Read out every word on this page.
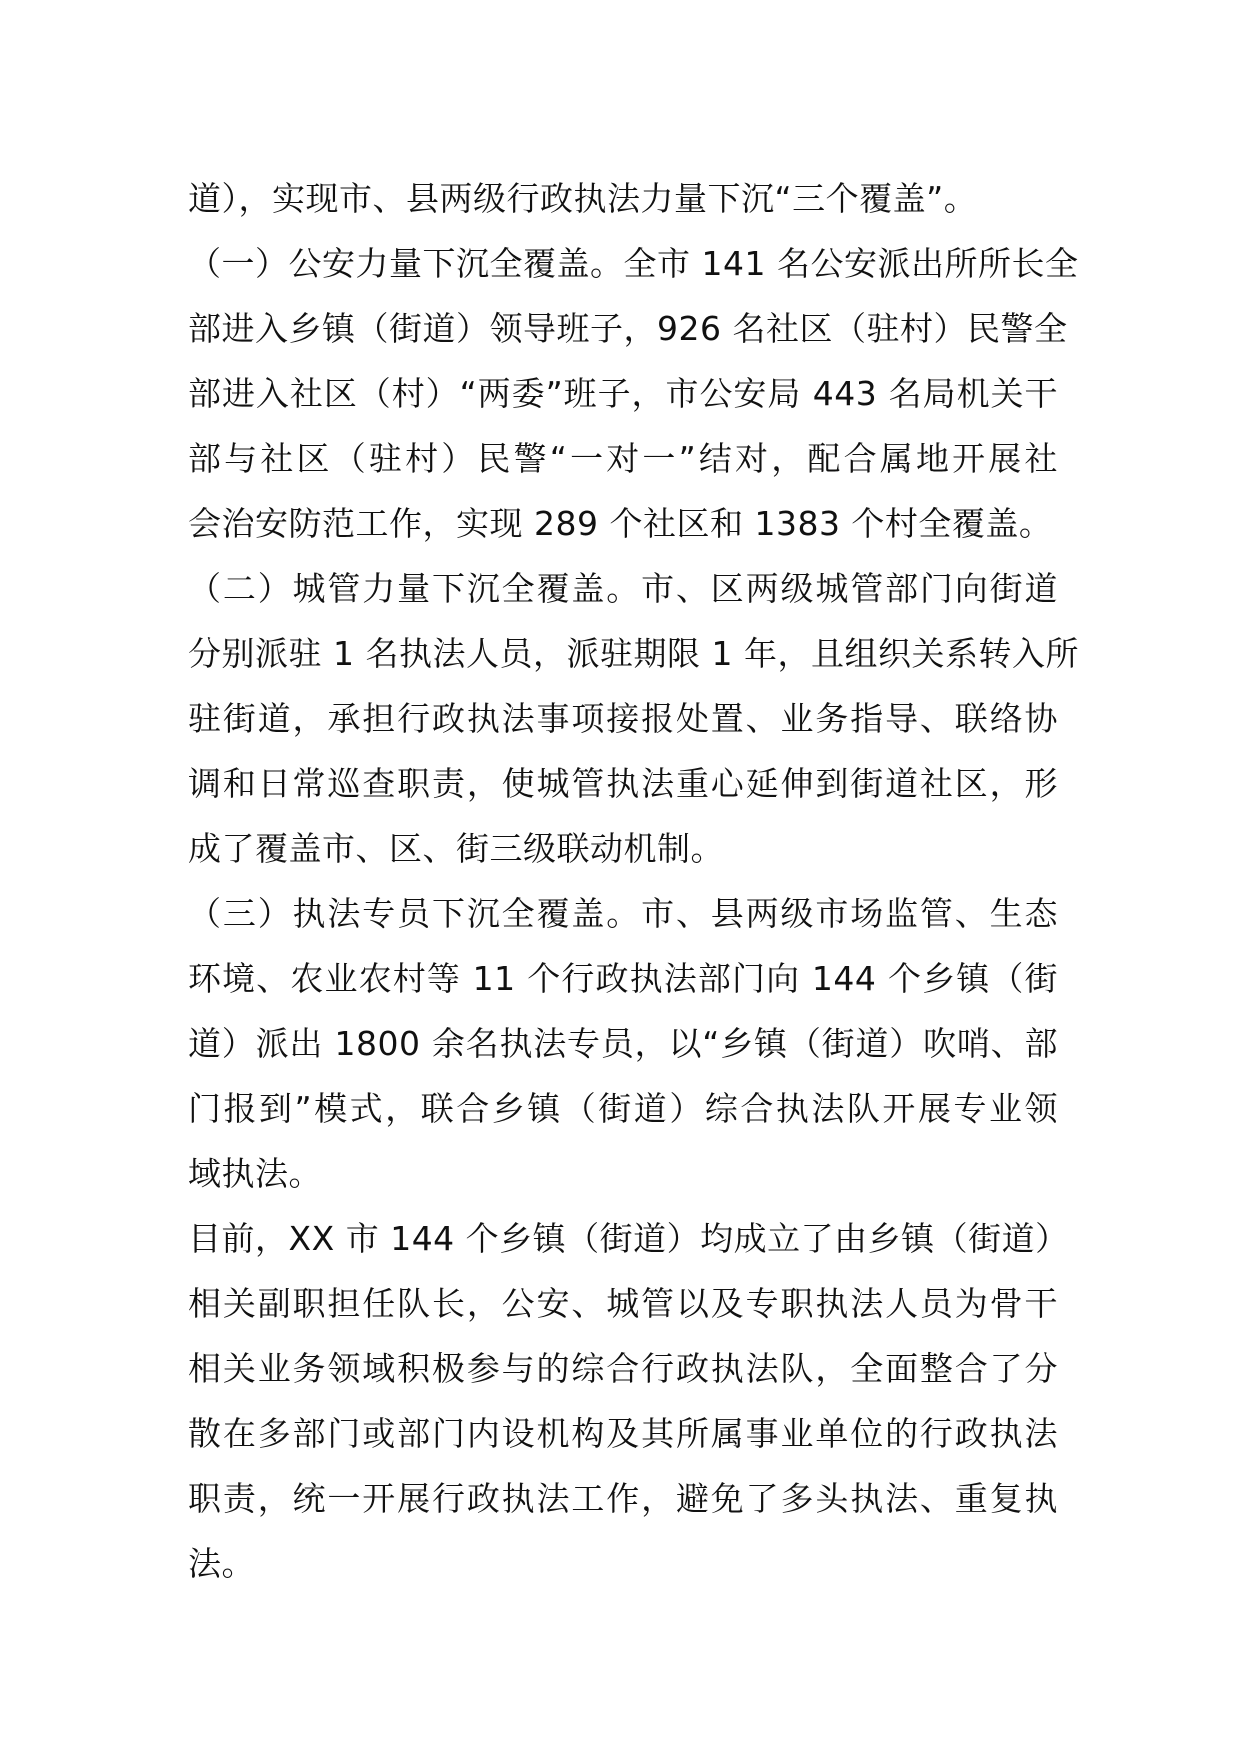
道），实现市、县两级行政执法力量下沉“三个覆盖”。
（一）公安力量下沉全覆盖。全市 141 名公安派出所所长全
部进入乡镇（街道）领导班子，926 名社区（驻村）民警全
部进入社区（村）“两委”班子，市公安局 443 名局机关干
部与社区（驻村）民警“一对一”结对，配合属地开展社
会治安防范工作，实现 289 个社区和 1383 个村全覆盖。
（二）城管力量下沉全覆盖。市、区两级城管部门向街道
分别派驻 1 名执法人员，派驻期限 1 年，且组织关系转入所
驻街道，承担行政执法事项接报处置、业务指导、联络协
调和日常巡查职责，使城管执法重心延伸到街道社区，形
成了覆盖市、区、街三级联动机制。
（三）执法专员下沉全覆盖。市、县两级市场监管、生态
环境、农业农村等 11 个行政执法部门向 144 个乡镇（街
道）派出 1800 余名执法专员，以“乡镇（街道）吹哨、部
门报到”模式，联合乡镇（街道）综合执法队开展专业领
域执法。
目前，XX 市 144 个乡镇（街道）均成立了由乡镇（街道）
相关副职担任队长，公安、城管以及专职执法人员为骨干
相关业务领域积极参与的综合行政执法队，全面整合了分
散在多部门或部门内设机构及其所属事业单位的行政执法
职责，统一开展行政执法工作，避免了多头执法、重复执
法。
